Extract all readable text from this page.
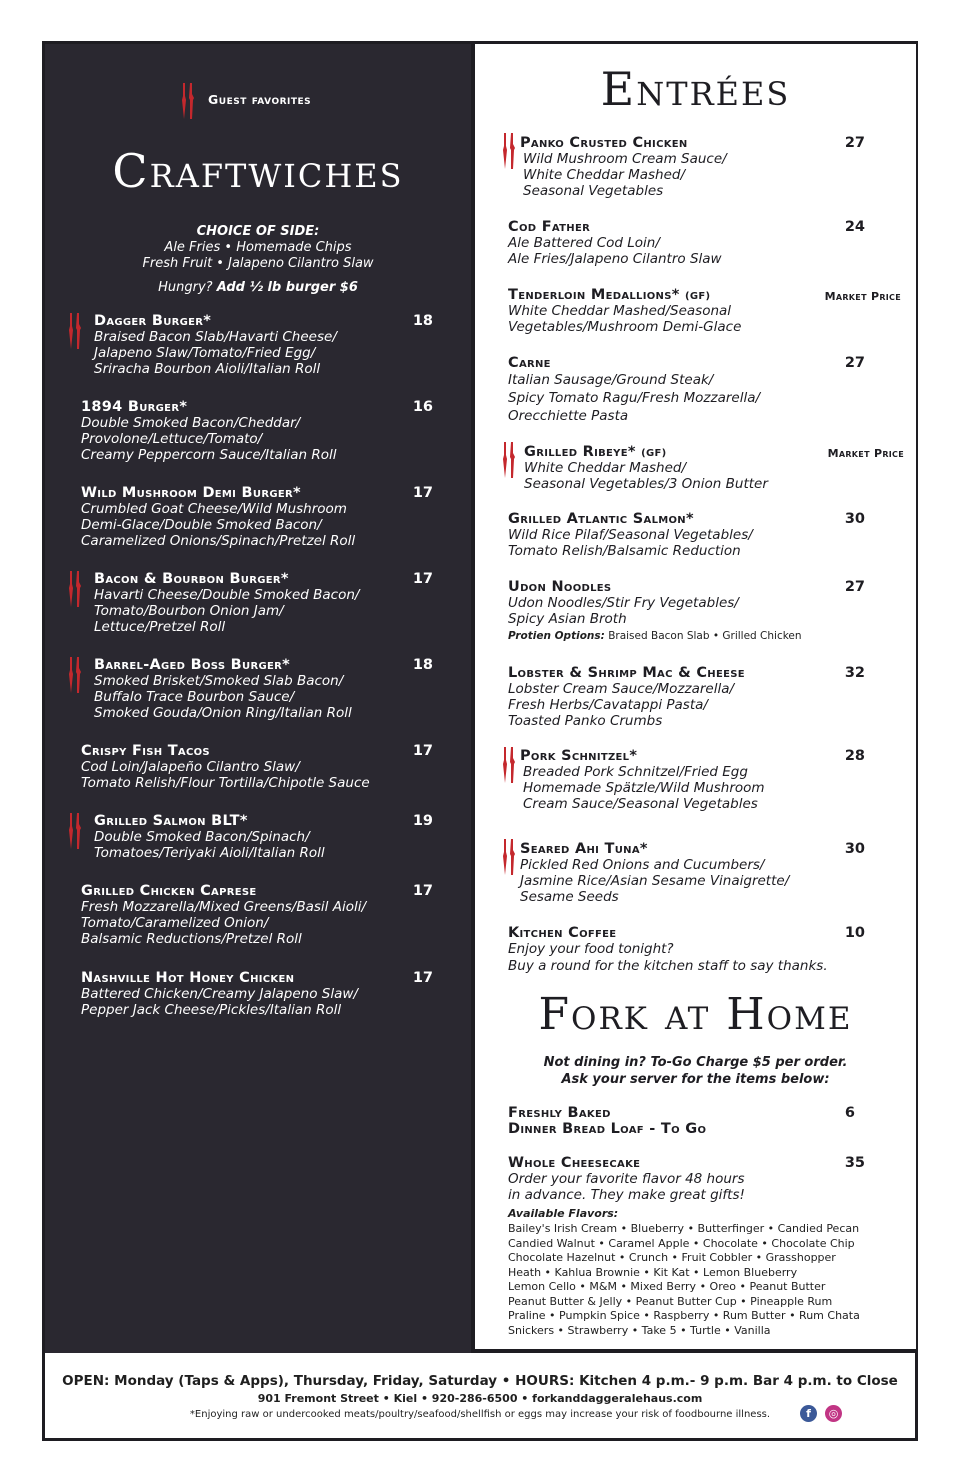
Guest favorites
Craftwiches
CHOICE OF SIDE:
Ale Fries • Homemade Chips
Fresh Fruit • Jalapeno Cilantro Slaw
Hungry? Add ½ lb burger $6
Dagger Burger*
Braised Bacon Slab/Havarti Cheese/
Jalapeno Slaw/Tomato/Fried Egg/
Sriracha Bourbon Aioli/Italian Roll
18
1894 Burger*
Double Smoked Bacon/Cheddar/
Provolone/Lettuce/Tomato/
Creamy Peppercorn Sauce/Italian Roll
16
Wild Mushroom Demi Burger*
Crumbled Goat Cheese/Wild Mushroom
Demi-Glace/Double Smoked Bacon/
Caramelized Onions/Spinach/Pretzel Roll
17
Bacon & Bourbon Burger*
Havarti Cheese/Double Smoked Bacon/
Tomato/Bourbon Onion Jam/
Lettuce/Pretzel Roll
17
Barrel-Aged Boss Burger*
Smoked Brisket/Smoked Slab Bacon/
Buffalo Trace Bourbon Sauce/
Smoked Gouda/Onion Ring/Italian Roll
18
Crispy Fish Tacos
Cod Loin/Jalapeño Cilantro Slaw/
Tomato Relish/Flour Tortilla/Chipotle Sauce
17
Grilled Salmon BLT*
Double Smoked Bacon/Spinach/
Tomatoes/Teriyaki Aioli/Italian Roll
19
Grilled Chicken Caprese
Fresh Mozzarella/Mixed Greens/Basil Aioli/
Tomato/Caramelized Onion/
Balsamic Reductions/Pretzel Roll
17
Nashville Hot Honey Chicken
Battered Chicken/Creamy Jalapeno Slaw/
Pepper Jack Cheese/Pickles/Italian Roll
17
Entrées
Panko Crusted Chicken
Wild Mushroom Cream Sauce/
White Cheddar Mashed/
Seasonal Vegetables
27
Cod Father
Ale Battered Cod Loin/
Ale Fries/Jalapeno Cilantro Slaw
24
Tenderloin Medallions* (GF)
White Cheddar Mashed/Seasonal
Vegetables/Mushroom Demi-Glace
Market Price
Carne
Italian Sausage/Ground Steak/
Spicy Tomato Ragu/Fresh Mozzarella/
Orecchiette Pasta
27
Grilled Ribeye* (GF)
White Cheddar Mashed/
Seasonal Vegetables/3 Onion Butter
Market Price
Grilled Atlantic Salmon*
Wild Rice Pilaf/Seasonal Vegetables/
Tomato Relish/Balsamic Reduction
30
Udon Noodles
Udon Noodles/Stir Fry Vegetables/
Spicy Asian Broth
Protien Options: Braised Bacon Slab • Grilled Chicken
27
Lobster & Shrimp Mac & Cheese
Lobster Cream Sauce/Mozzarella/
Fresh Herbs/Cavatappi Pasta/
Toasted Panko Crumbs
32
Pork Schnitzel*
Breaded Pork Schnitzel/Fried Egg
Homemade Spätzle/Wild Mushroom
Cream Sauce/Seasonal Vegetables
28
Seared Ahi Tuna*
Pickled Red Onions and Cucumbers/
Jasmine Rice/Asian Sesame Vinaigrette/
Sesame Seeds
30
Kitchen Coffee
Enjoy your food tonight?
Buy a round for the kitchen staff to say thanks.
10
Fork at Home
Not dining in? To-Go Charge $5 per order.
Ask your server for the items below:
Freshly Baked
Dinner Bread Loaf - To Go
6
Whole Cheesecake
Order your favorite flavor 48 hours
in advance. They make great gifts!
Available Flavors:
Bailey's Irish Cream • Blueberry • Butterfinger • Candied Pecan
Candied Walnut • Caramel Apple • Chocolate • Chocolate Chip
Chocolate Hazelnut • Crunch • Fruit Cobbler • Grasshopper
Heath • Kahlua Brownie • Kit Kat • Lemon Blueberry
Lemon Cello • M&M • Mixed Berry • Oreo • Peanut Butter
Peanut Butter & Jelly • Peanut Butter Cup • Pineapple Rum
Praline • Pumpkin Spice • Raspberry • Rum Butter • Rum Chata
Snickers • Strawberry • Take 5 • Turtle • Vanilla
35
OPEN: Monday (Taps & Apps), Thursday, Friday, Saturday • HOURS: Kitchen 4 p.m.- 9 p.m. Bar 4 p.m. to Close
901 Fremont Street • Kiel • 920-286-6500 • forkanddaggeralehaus.com
*Enjoying raw or undercooked meats/poultry/seafood/shellfish or eggs may increase your risk of foodbourne illness.	f	◎
